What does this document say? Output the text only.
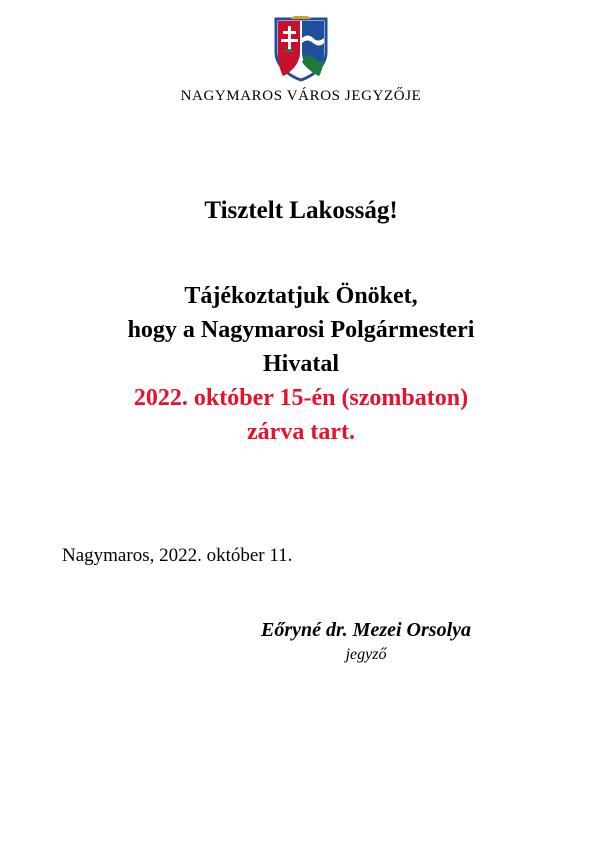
NAGYMAROS VÁROS JEGYZŐJE
Tisztelt Lakosság!
Tájékoztatjuk Önöket,
hogy a Nagymarosi Polgármesteri
Hivatal
2022. október 15-én (szombaton)
zárva tart.
Nagymaros, 2022. október 11.
Eőryné dr. Mezei Orsolya
jegyző
